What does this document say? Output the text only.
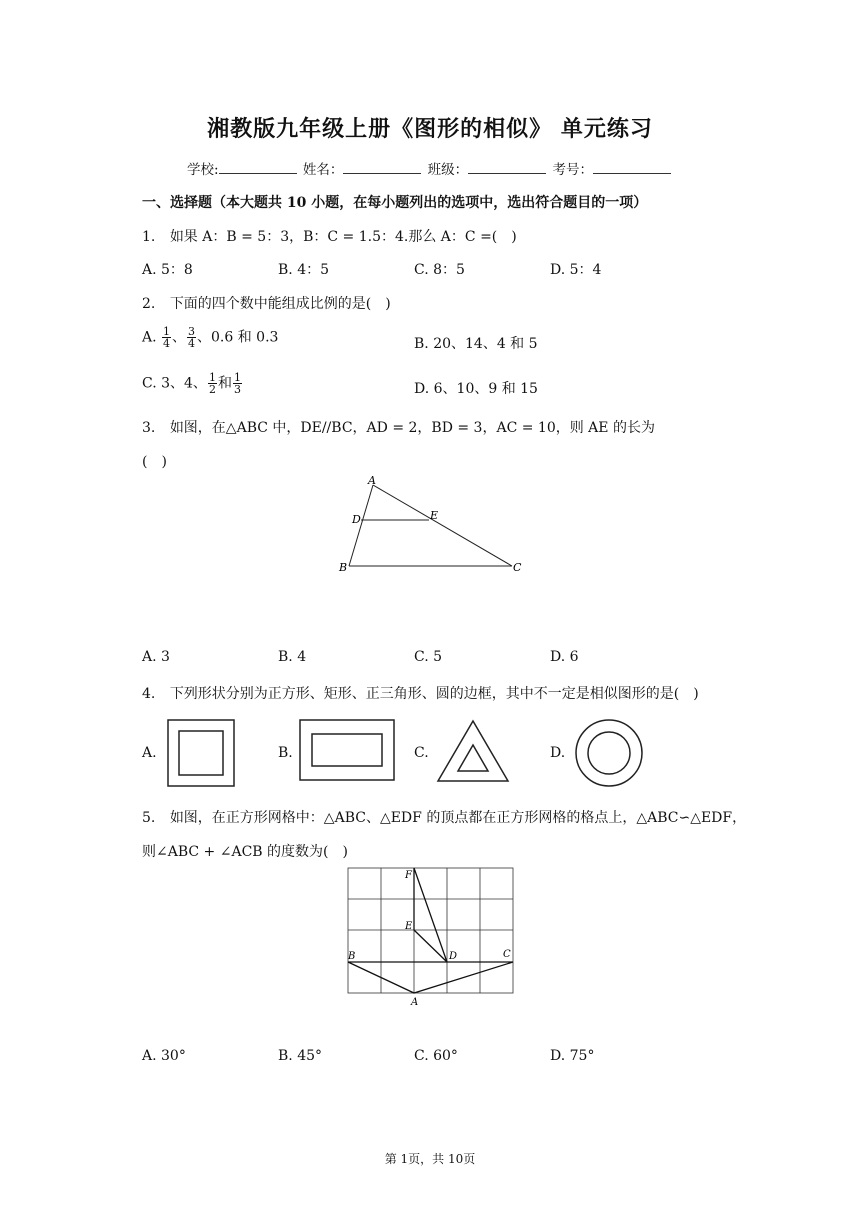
湘教版九年级上册《图形的相似》 单元练习
学校:	姓名：	班级：	考号：
一、选择题（本大题共 10 小题，在每小题列出的选项中，选出符合题目的一项）
1. 如果 A：B = 5：3，B：C = 1.5：4.那么 A：C =(　)
A. 5：8	B. 4：5	C. 8：5	D. 5：4
2. 下面的四个数中能组成比例的是(　)
A. $\frac{1}{4}$ 、 $\frac{3}{4}$ 、0.6 和 0.3	B. 20、14、4 和 5
C. 3、4、 $\frac{1}{2}$ 和 $\frac{1}{3}$	D. 6、10、9 和 15
3. 如图，在△ABC 中，DE//BC，AD = 2，BD = 3，AC = 10，则 AE 的长为
(　)
A
D	E
B	C
A. 3	B. 4	C. 5	D. 6
4. 下列形状分别为正方形、矩形、正三角形、圆的边框，其中不一定是相似图形的是(　)
A.	B.	C.	D.
5. 如图，在正方形网格中：△ABC、△EDF 的顶点都在正方形网格的格点上，△ABC∽△EDF，
则∠ABC + ∠ACB 的度数为(　)
F
E
D
B	C
A
A. 30°	B. 45°	C. 60°	D. 75°
第 1页，共 10页
